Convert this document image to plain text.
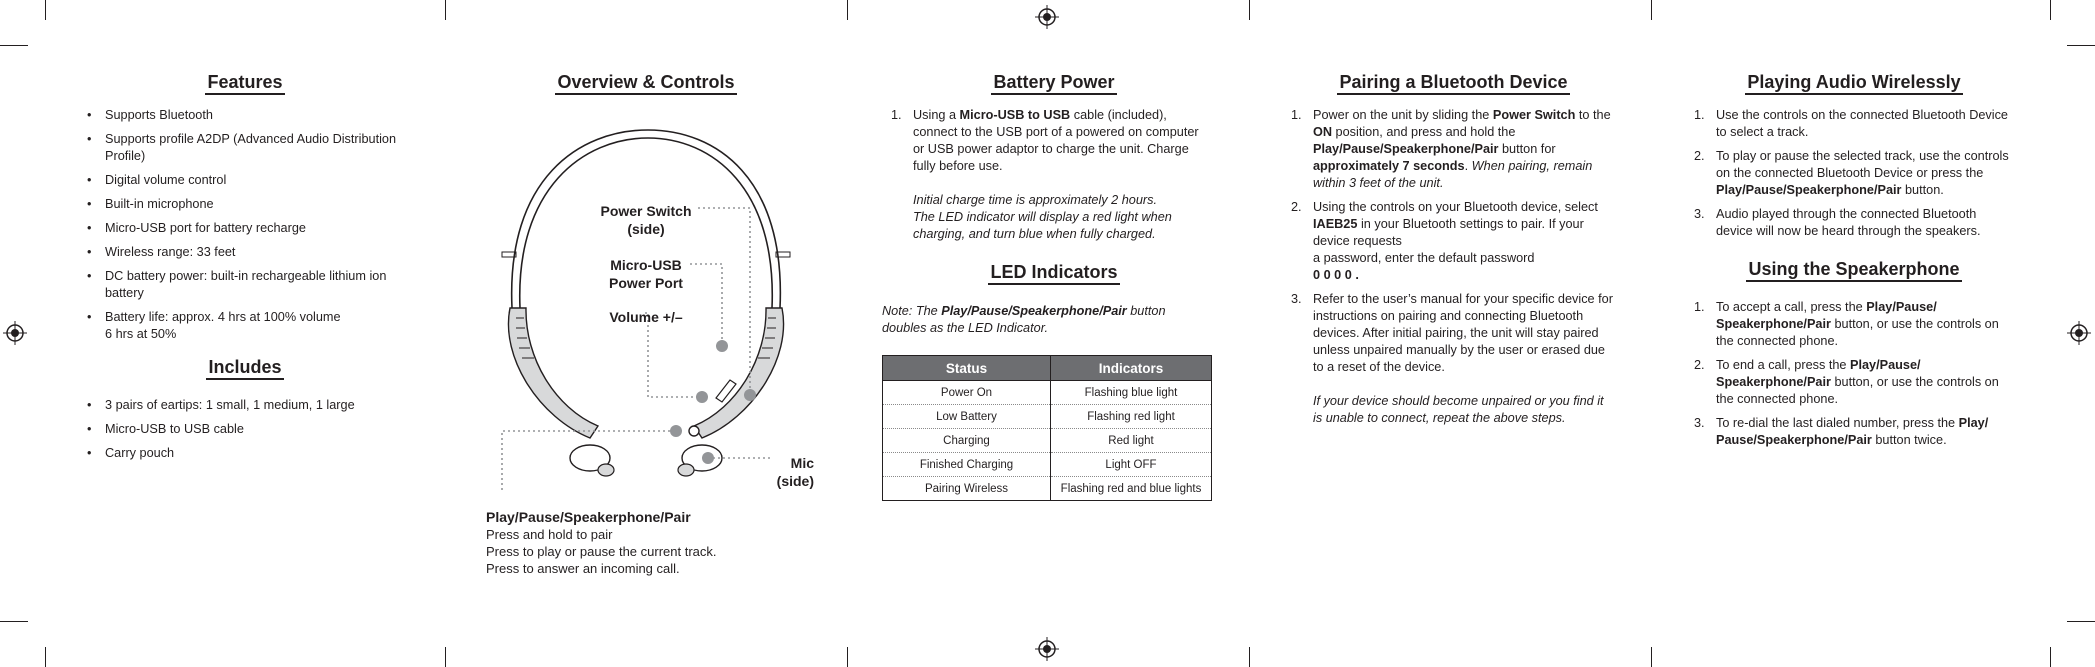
Features
• Supports Bluetooth
• Supports profile A2DP (Advanced Audio Distribution Profile)
• Digital volume control
• Built-in microphone
• Micro-USB port for battery recharge
• Wireless range: 33 feet
• DC battery power: built-in rechargeable lithium ion battery
• Battery life: approx. 4 hrs at 100% volume
6 hrs at 50%
Includes
• 3 pairs of eartips: 1 small, 1 medium, 1 large
• Micro-USB to USB cable
• Carry pouch
Overview & Controls
Power Switch
(side)
Micro-USB
Power Port
Volume +/–
Mic
(side)
Play/Pause/Speakerphone/Pair
Press and hold to pair
Press to play or pause the current track.
Press to answer an incoming call.
Battery Power
1. Using a Micro-USB to USB cable (included), connect to the USB port of a powered on computer or USB power adaptor to charge the unit. Charge fully before use.
Initial charge time is approximately 2 hours.
The LED indicator will display a red light when charging, and turn blue when fully charged.
LED Indicators
Note: The Play/Pause/Speakerphone/Pair button doubles as the LED Indicator.
Status	Indicators
Power On	Flashing blue light
Low Battery	Flashing red light
Charging	Red light
Finished Charging	Light OFF
Pairing Wireless	Flashing red and blue lights
Pairing a Bluetooth Device
1. Power on the unit by sliding the Power Switch to the ON position, and press and hold the Play/Pause/Speakerphone/Pair button for approximately 7 seconds. When pairing, remain within 3 feet of the unit.
2. Using the controls on your Bluetooth device, select IAEB25 in your Bluetooth settings to pair. If your device requests
a password, enter the default password
0 0 0 0 .
3. Refer to the user’s manual for your specific device for instructions on pairing and connecting Bluetooth devices. After initial pairing, the unit will stay paired unless unpaired manually by the user or erased due to a reset of the device.
If your device should become unpaired or you find it is unable to connect, repeat the above steps.
Playing Audio Wirelessly
1. Use the controls on the connected Bluetooth Device to select a track.
2. To play or pause the selected track, use the controls on the connected Bluetooth Device or press the Play/Pause/Speakerphone/Pair button.
3. Audio played through the connected Bluetooth device will now be heard through the speakers.
Using the Speakerphone
1. To accept a call, press the Play/Pause/ Speakerphone/Pair button, or use the controls on the connected phone.
2. To end a call, press the Play/Pause/ Speakerphone/Pair button, or use the controls on the connected phone.
3. To re-dial the last dialed number, press the Play/ Pause/Speakerphone/Pair button twice.
